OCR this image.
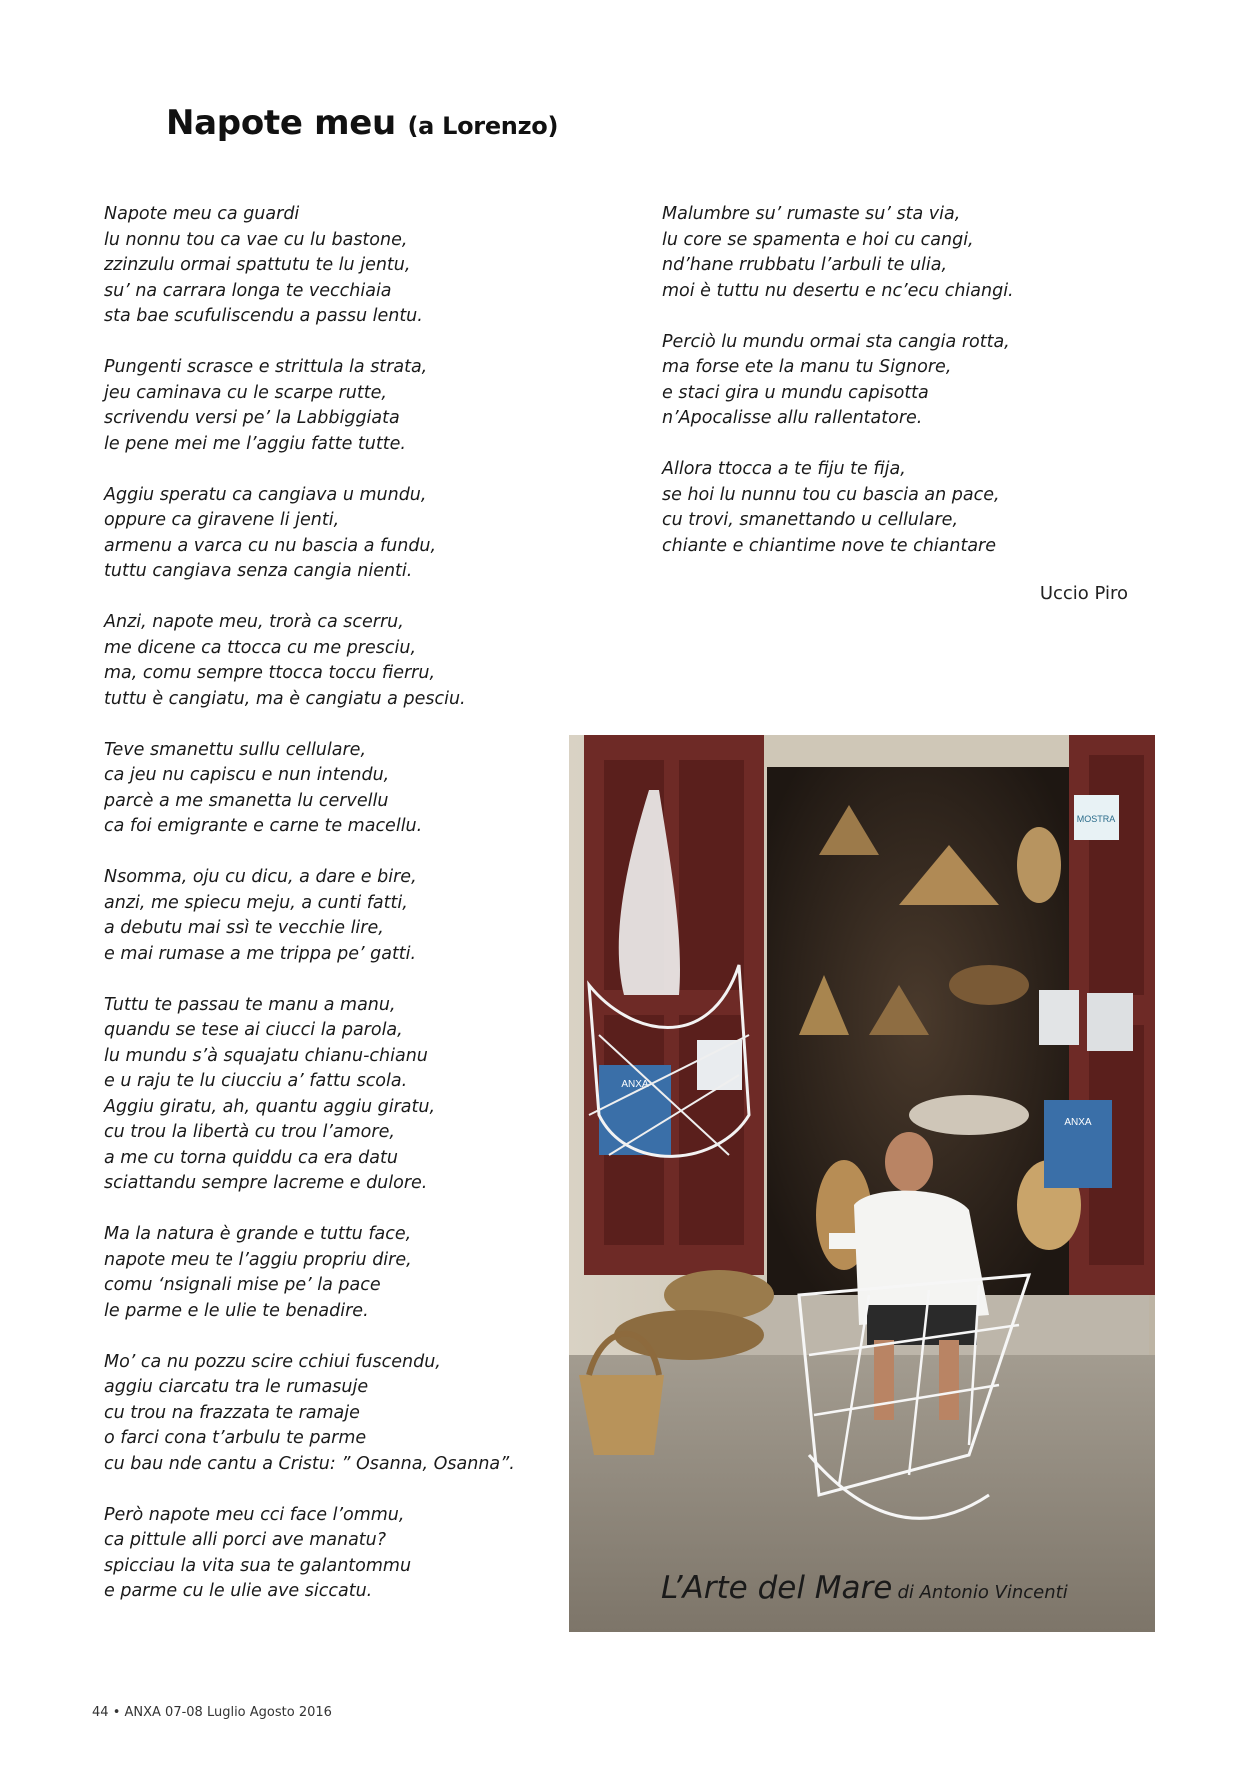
Napote meu (a Lorenzo)
Napote meu ca guardi
lu nonnu tou ca vae cu lu bastone,
zzinzulu ormai spattutu te lu jentu,
su’ na carrara longa te vecchiaia
sta bae scufuliscendu a passu lentu.
Pungenti scrasce e strittula la strata,
jeu caminava cu le scarpe rutte,
scrivendu versi pe’ la Labbiggiata
le pene mei me l’aggiu fatte tutte.
Aggiu speratu ca cangiava u mundu,
oppure ca giravene li jenti,
armenu a varca cu nu bascia a fundu,
tuttu cangiava senza cangia nienti.
Anzi, napote meu, trorà ca scerru,
me dicene ca ttocca cu me presciu,
ma, comu sempre ttocca toccu fierru,
tuttu è cangiatu, ma è cangiatu a pesciu.
Teve smanettu sullu cellulare,
ca jeu nu capiscu e nun intendu,
parcè a me smanetta lu cervellu
ca foi emigrante e carne te macellu.
Nsomma, oju cu dicu, a dare e bire,
anzi, me spiecu meju, a cunti fatti,
a debutu mai ssì te vecchie lire,
e mai rumase a me trippa pe’ gatti.
Tuttu te passau te manu a manu,
quandu se tese ai ciucci la parola,
lu mundu s’à squajatu chianu-chianu
e u raju te lu ciucciu a’ fattu scola.
Aggiu giratu, ah, quantu aggiu giratu,
cu trou la libertà cu trou l’amore,
a me cu torna quiddu ca era datu
sciattandu sempre lacreme e dulore.
Ma la natura è grande e tuttu face,
napote meu te l’aggiu propriu dire,
comu ‘nsignali mise pe’ la pace
le parme e le ulie te benadire.
Mo’ ca nu pozzu scire cchiui fuscendu,
aggiu ciarcatu tra le rumasuje
cu trou na frazzata te ramaje
o farci cona t’arbulu te parme
cu bau nde cantu a Cristu: ” Osanna, Osanna”.
Però napote meu cci face l’ommu,
ca pittule alli porci ave manatu?
spicciau la vita sua te galantommu
e parme cu le ulie ave siccatu.
Malumbre su’ rumaste su’ sta via,
lu core se spamenta e hoi cu cangi,
nd’hane rrubbatu l’arbuli te ulia,
moi è tuttu nu desertu e nc’ecu chiangi.
Perciò lu mundu ormai sta cangia rotta,
ma forse ete la manu tu Signore,
e staci gira u mundu capisotta
n’Apocalisse allu rallentatore.
Allora ttocca a te fiju te fija,
se hoi lu nunnu tou cu bascia an pace,
cu trovi, smanettando u cellulare,
chiante e chiantime nove te chiantare
Uccio Piro
ANXA
ANXA
MOSTRA
L’Arte del Mare di Antonio Vincenti
44 • ANXA 07-08 Luglio Agosto 2016
